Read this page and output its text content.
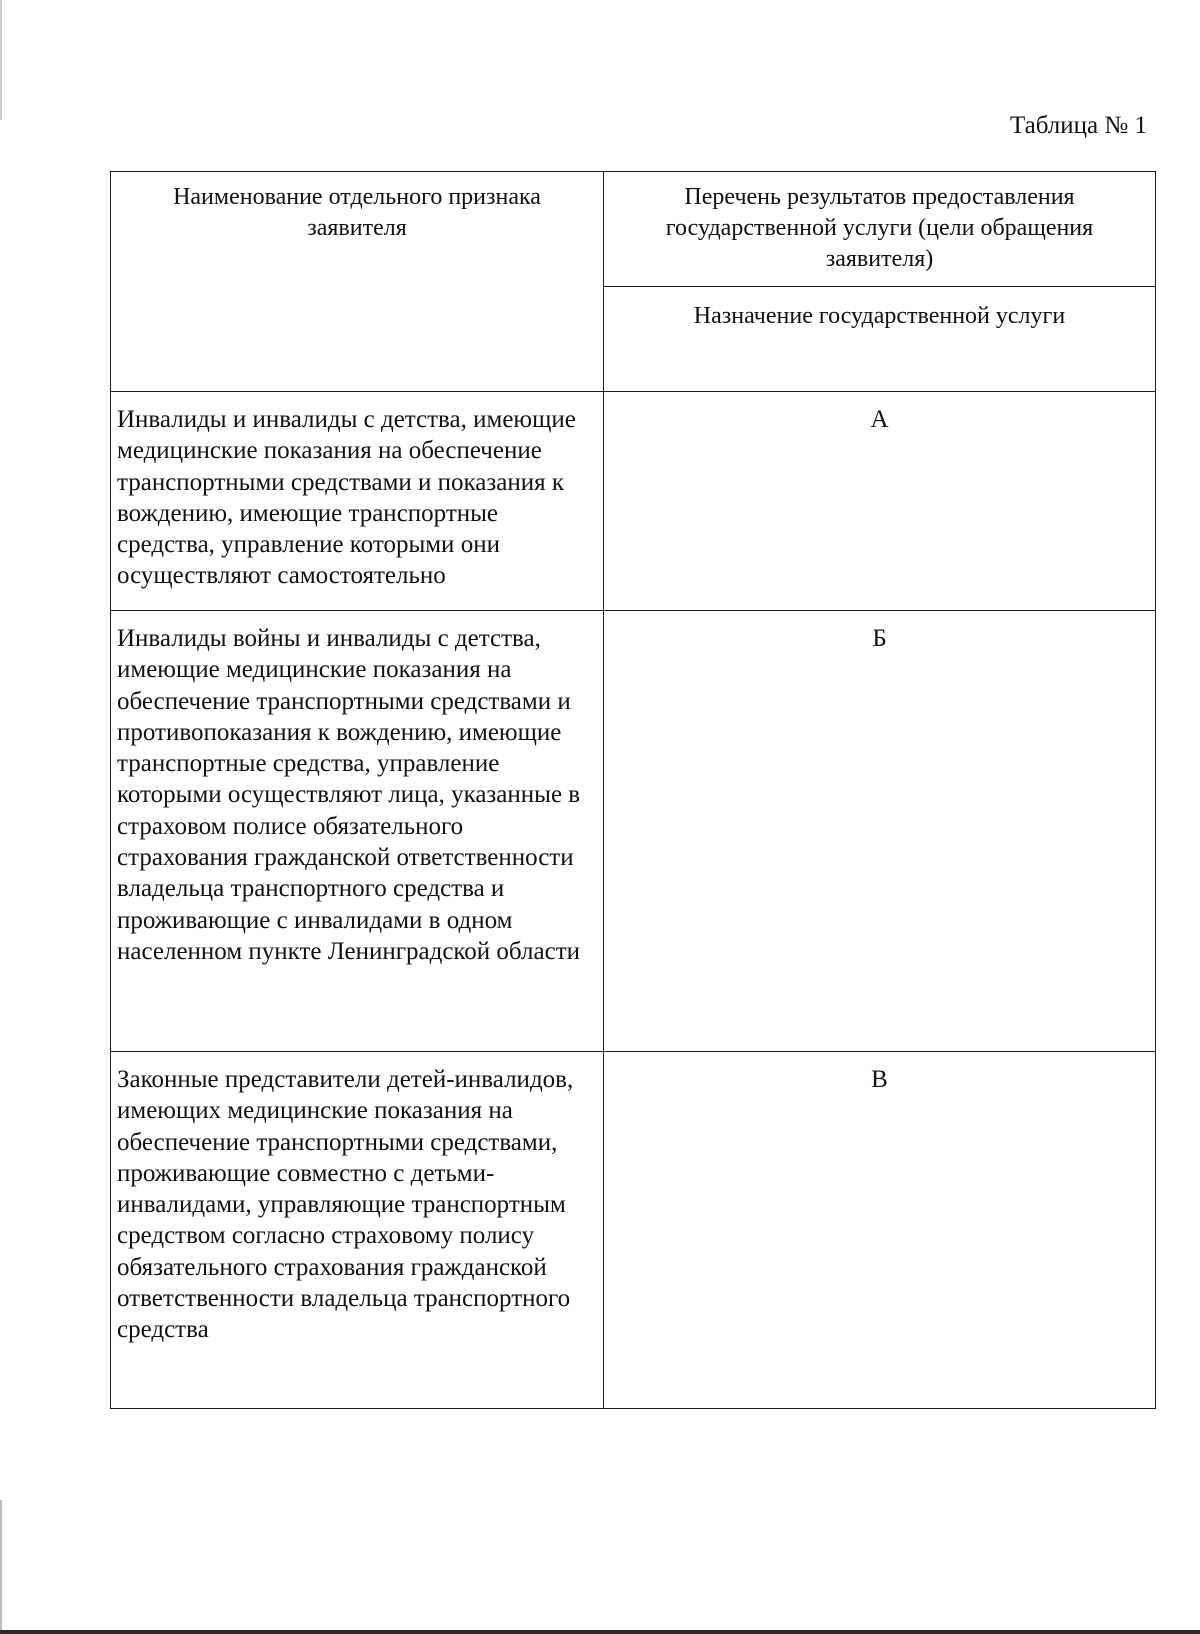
Таблица № 1
Наименование отдельного признака заявителя	Перечень результатов предоставления государственной услуги (цели обращения заявителя)
	Назначение государственной услуги
Инвалиды и инвалиды с детства, имеющие медицинские показания на обеспечение транспортными средствами и показания к вождению, имеющие транспортные средства, управление которыми они осуществляют самостоятельно	А
Инвалиды войны и инвалиды с детства, имеющие медицинские показания на обеспечение транспортными средствами и противопоказания к вождению, имеющие транспортные средства, управление которыми осуществляют лица, указанные в страховом полисе обязательного страхования гражданской ответственности владельца транспортного средства и проживающие с инвалидами в одном населенном пункте Ленинградской области	Б
Законные представители детей-инвалидов, имеющих медицинские показания на обеспечение транспортными средствами, проживающие совместно с детьми-инвалидами, управляющие транспортным средством согласно страховому полису обязательного страхования гражданской ответственности владельца транспортного средства	В
